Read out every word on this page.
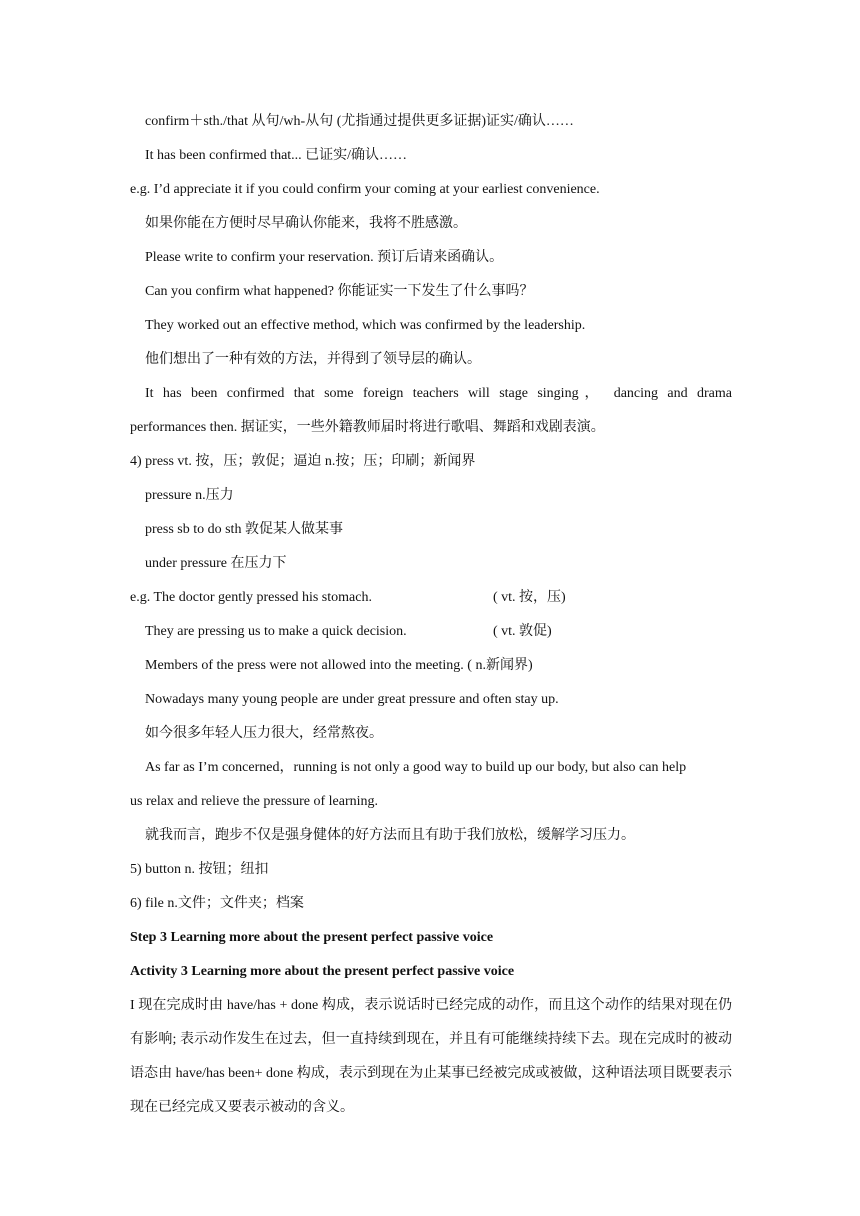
confirm＋sth./that 从句/wh-从句 (尤指通过提供更多证据)证实/确认……
It has been confirmed that... 已证实/确认……
e.g. I’d appreciate it if you could confirm your coming at your earliest convenience.
如果你能在方便时尽早确认你能来，我将不胜感激。
Please write to confirm your reservation. 预订后请来函确认。
Can you confirm what happened? 你能证实一下发生了什么事吗？
They worked out an effective method, which was confirmed by the leadership.
他们想出了一种有效的方法，并得到了领导层的确认。
It has been confirmed that some foreign teachers will stage singing， dancing and drama
performances then. 据证实，一些外籍教师届时将进行歌唱、舞蹈和戏剧表演。
4) press vt. 按，压；敦促；逼迫 n.按；压；印刷；新闻界
pressure n.压力
press sb to do sth 敦促某人做某事
under pressure 在压力下
e.g. The doctor gently pressed his stomach.	( vt. 按，压)
They are pressing us to make a quick decision.	( vt. 敦促)
Members of the press were not allowed into the meeting. ( n.新闻界)
Nowadays many young people are under great pressure and often stay up.
如今很多年轻人压力很大，经常熬夜。
As far as I’m concerned，running is not only a good way to build up our body, but also can help
us relax and relieve the pressure of learning.
就我而言，跑步不仅是强身健体的好方法而且有助于我们放松，缓解学习压力。
5) button n. 按钮；纽扣
6) file n.文件；文件夹；档案
Step 3 Learning more about the present perfect passive voice
Activity 3 Learning more about the present perfect passive voice
I 现在完成时由 have/has + done 构成，表示说话时已经完成的动作，而且这个动作的结果对现在仍有影响; 表示动作发生在过去，但一直持续到现在，并且有可能继续持续下去。现在完成时的被动语态由 have/has been+ done 构成，表示到现在为止某事已经被完成或被做，这种语法项目既要表示现在已经完成又要表示被动的含义。
